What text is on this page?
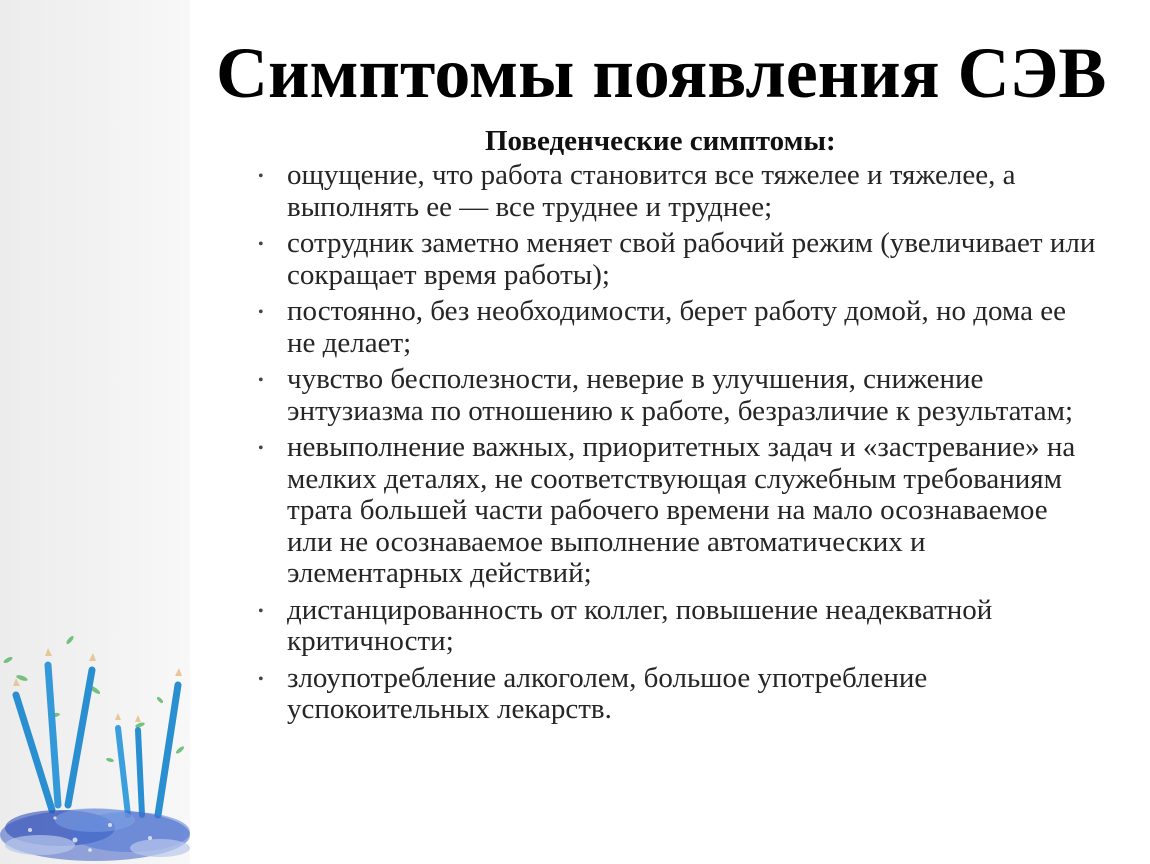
Симптомы появления СЭВ
Поведенческие симптомы:
• ощущение, что работа становится все тяжелее и тяжелее, а выполнять ее — все труднее и труднее;
• сотрудник заметно меняет свой рабочий режим (увеличивает или сокращает время работы);
• постоянно, без необходимости, берет работу домой, но дома ее не делает;
• чувство бесполезности, неверие в улучшения, снижение энтузиазма по отношению к работе, безразличие к результатам;
• невыполнение важных, приоритетных задач и «застревание» на мелких деталях, не соответствующая служебным требованиям трата большей части рабочего времени на мало осознаваемое или не осознаваемое выполнение автоматических и элементарных действий;
• дистанцированность от коллег, повышение неадекватной критичности;
• злоупотребление алкоголем, большое употребление успокоительных лекарств.
